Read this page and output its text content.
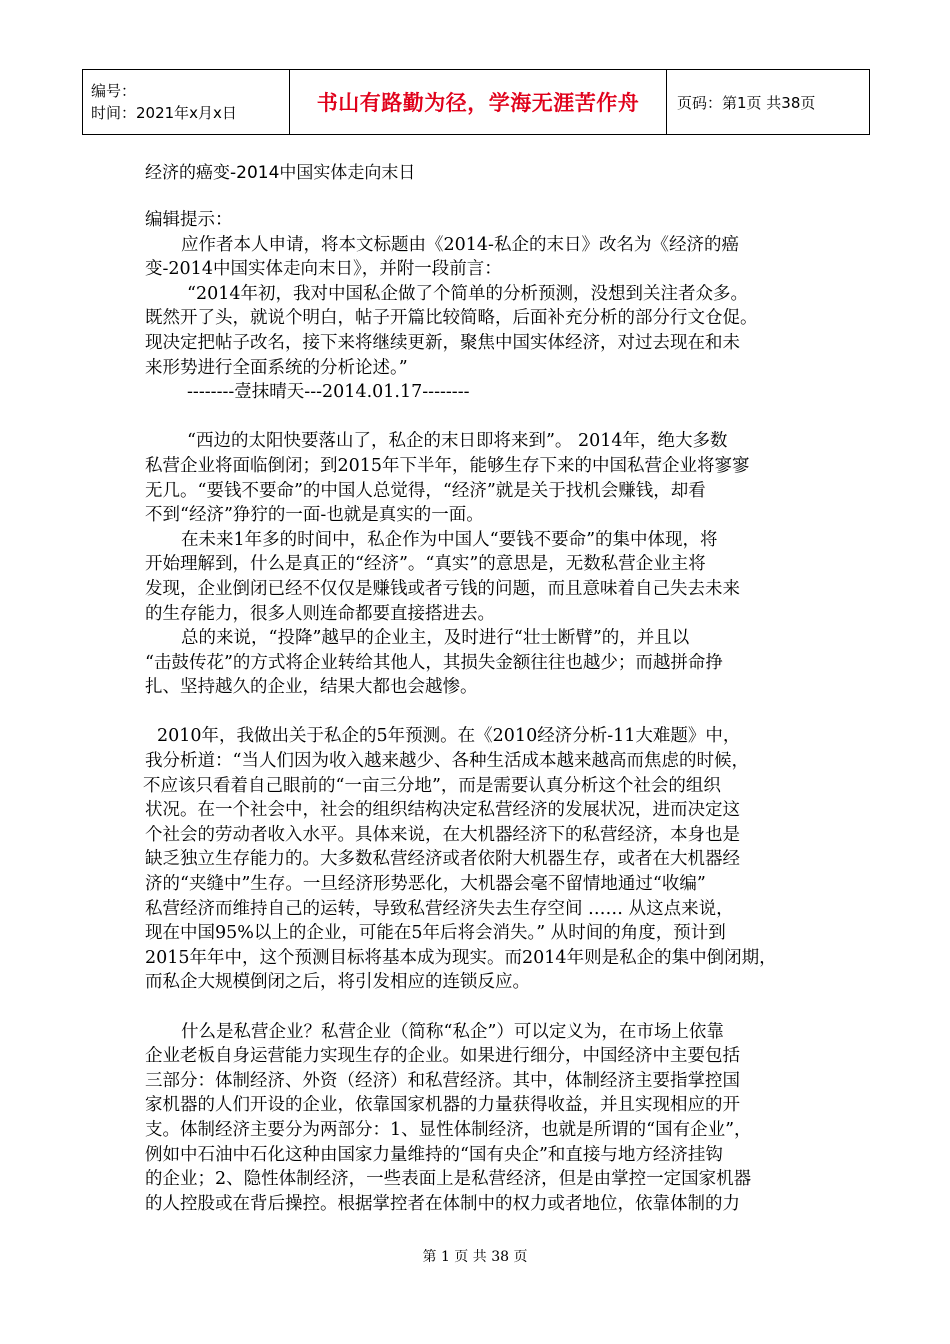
编号：
时间：2021年x月x日	书山有路勤为径，学海无涯苦作舟	页码：第1页 共38页
经济的癌变-2014中国实体走向末日
编辑提示：
应作者本人申请，将本文标题由《2014-私企的末日》改名为《经济的癌
变-2014中国实体走向末日》，并附一段前言：
“2014年初，我对中国私企做了个简单的分析预测，没想到关注者众多。
既然开了头，就说个明白，帖子开篇比较简略，后面补充分析的部分行文仓促。
现决定把帖子改名，接下来将继续更新，聚焦中国实体经济，对过去现在和未
来形势进行全面系统的分析论述。”
--------壹抹晴天---2014.01.17--------
“西边的太阳快要落山了，私企的末日即将来到”。 2014年，绝大多数
私营企业将面临倒闭；到2015年下半年，能够生存下来的中国私营企业将寥寥
无几。“要钱不要命”的中国人总觉得，“经济”就是关于找机会赚钱，却看
不到“经济”狰狞的一面-也就是真实的一面。
在未来1年多的时间中，私企作为中国人“要钱不要命”的集中体现，将
开始理解到，什么是真正的“经济”。“真实”的意思是，无数私营企业主将
发现，企业倒闭已经不仅仅是赚钱或者亏钱的问题，而且意味着自己失去未来
的生存能力，很多人则连命都要直接搭进去。
总的来说，“投降”越早的企业主，及时进行“壮士断臂”的，并且以
“击鼓传花”的方式将企业转给其他人，其损失金额往往也越少；而越拼命挣
扎、坚持越久的企业，结果大都也会越惨。
2010年，我做出关于私企的5年预测。在《2010经济分析-11大难题》中，
我分析道：“当人们因为收入越来越少、各种生活成本越来越高而焦虑的时候，
不应该只看着自己眼前的“一亩三分地”，而是需要认真分析这个社会的组织
状况。在一个社会中，社会的组织结构决定私营经济的发展状况，进而决定这
个社会的劳动者收入水平。具体来说，在大机器经济下的私营经济，本身也是
缺乏独立生存能力的。大多数私营经济或者依附大机器生存，或者在大机器经
济的“夹缝中”生存。一旦经济形势恶化，大机器会毫不留情地通过“收编”
私营经济而维持自己的运转，导致私营经济失去生存空间 …… 从这点来说，
现在中国95%以上的企业，可能在5年后将会消失。” 从时间的角度，预计到
2015年年中，这个预测目标将基本成为现实。而2014年则是私企的集中倒闭期，
而私企大规模倒闭之后，将引发相应的连锁反应。
什么是私营企业？私营企业（简称“私企”）可以定义为，在市场上依靠
企业老板自身运营能力实现生存的企业。如果进行细分，中国经济中主要包括
三部分：体制经济、外资（经济）和私营经济。其中，体制经济主要指掌控国
家机器的人们开设的企业，依靠国家机器的力量获得收益，并且实现相应的开
支。体制经济主要分为两部分：1、显性体制经济，也就是所谓的“国有企业”，
例如中石油中石化这种由国家力量维持的“国有央企”和直接与地方经济挂钩
的企业；2、隐性体制经济，一些表面上是私营经济，但是由掌控一定国家机器
的人控股或在背后操控。根据掌控者在体制中的权力或者地位，依靠体制的力
第 1 页 共 38 页
